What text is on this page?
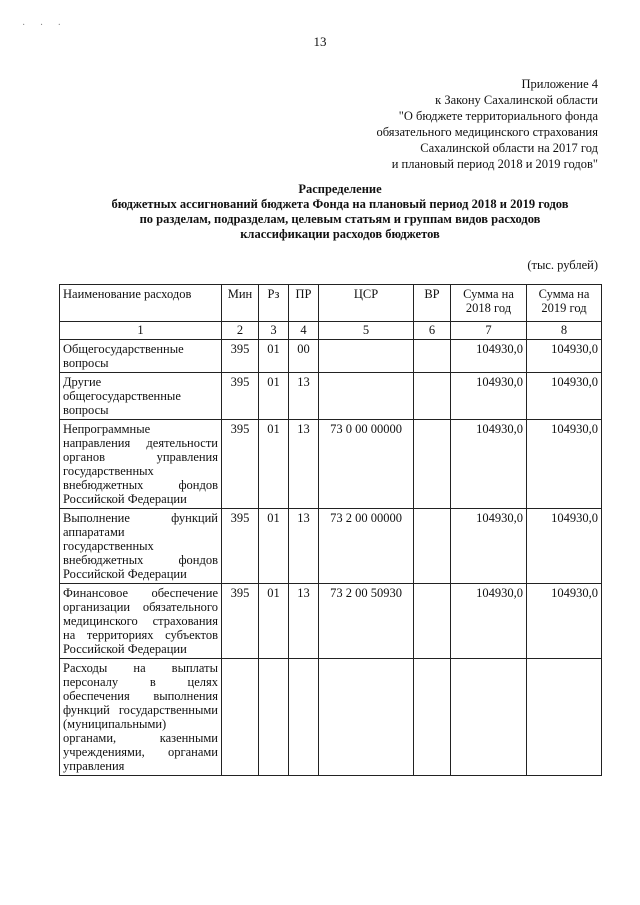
· · ·
13
Приложение 4
к Закону Сахалинской области
"О бюджете территориального фонда
обязательного медицинского страхования
Сахалинской области на 2017 год
и плановый период 2018 и 2019 годов"
Распределение
бюджетных ассигнований бюджета Фонда на плановый период 2018 и 2019 годов
по разделам, подразделам, целевым статьям и группам видов расходов
классификации расходов бюджетов
(тыс. рублей)
Наименование расходов	Мин	Рз	ПР	ЦСР	ВР	Сумма на 2018 год	Сумма на 2019 год
1	2	3	4	5	6	7	8
Общегосударственные вопросы	395	01	00			104930,0	104930,0
Другие общегосударственные вопросы	395	01	13			104930,0	104930,0
Непрограммные направления деятельности органов управления государственных внебюджетных фондов Российской Федерации	395	01	13	73 0 00 00000		104930,0	104930,0
Выполнение функций аппаратами государственных внебюджетных фондов Российской Федерации	395	01	13	73 2 00 00000		104930,0	104930,0
Финансовое обеспечение организации обязательного медицинского страхования на территориях субъектов Российской Федерации	395	01	13	73 2 00 50930		104930,0	104930,0
Расходы на выплаты персоналу в целях обеспечения выполнения функций государственными (муниципальными) органами, казенными учреждениями, органами управления							
